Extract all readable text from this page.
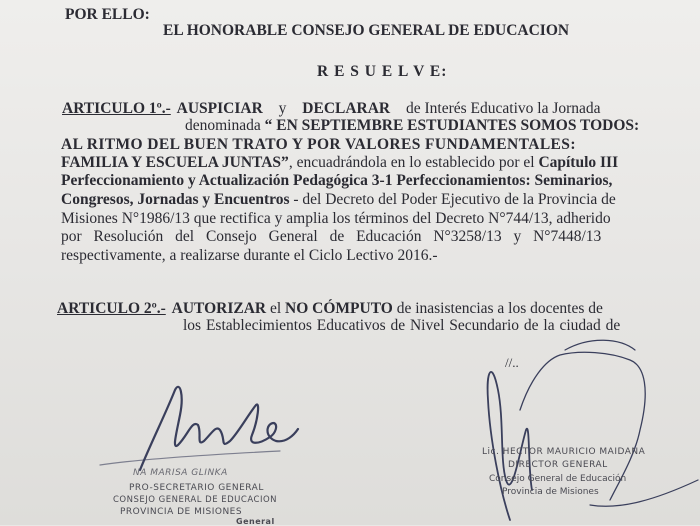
POR ELLO:
EL HONORABLE CONSEJO GENERAL DE EDUCACION
R E S U E L V E:
ARTICULO 1º.- AUSPICIAR y DECLARAR de Interés Educativo la Jornada
denominada “ EN SEPTIEMBRE ESTUDIANTES SOMOS TODOS:
AL RITMO DEL BUEN TRATO Y POR VALORES FUNDAMENTALES:
FAMILIA Y ESCUELA JUNTAS”, encuadrándola en lo establecido por el Capítulo III
Perfeccionamiento y Actualización Pedagógica 3-1 Perfeccionamientos: Seminarios,
Congresos, Jornadas y Encuentros - del Decreto del Poder Ejecutivo de la Provincia de
Misiones N°1986/13 que rectifica y amplia los términos del Decreto N°744/13, adherido
por Resolución del Consejo General de Educación N°3258/13 y N°7448/13
respectivamente, a realizarse durante el Ciclo Lectivo 2016.-
ARTICULO 2º.- AUTORIZAR el NO CÓMPUTO de inasistencias a los docentes de
los Establecimientos Educativos de Nivel Secundario de la ciudad de
//..
NA MARISA GLINKA
PRO-SECRETARIO GENERAL
CONSEJO GENERAL DE EDUCACION
PROVINCIA DE MISIONES
General
Lic. HECTOR MAURICIO MAIDANA
DIRECTOR GENERAL
Consejo General de Educación
Provincia de Misiones
